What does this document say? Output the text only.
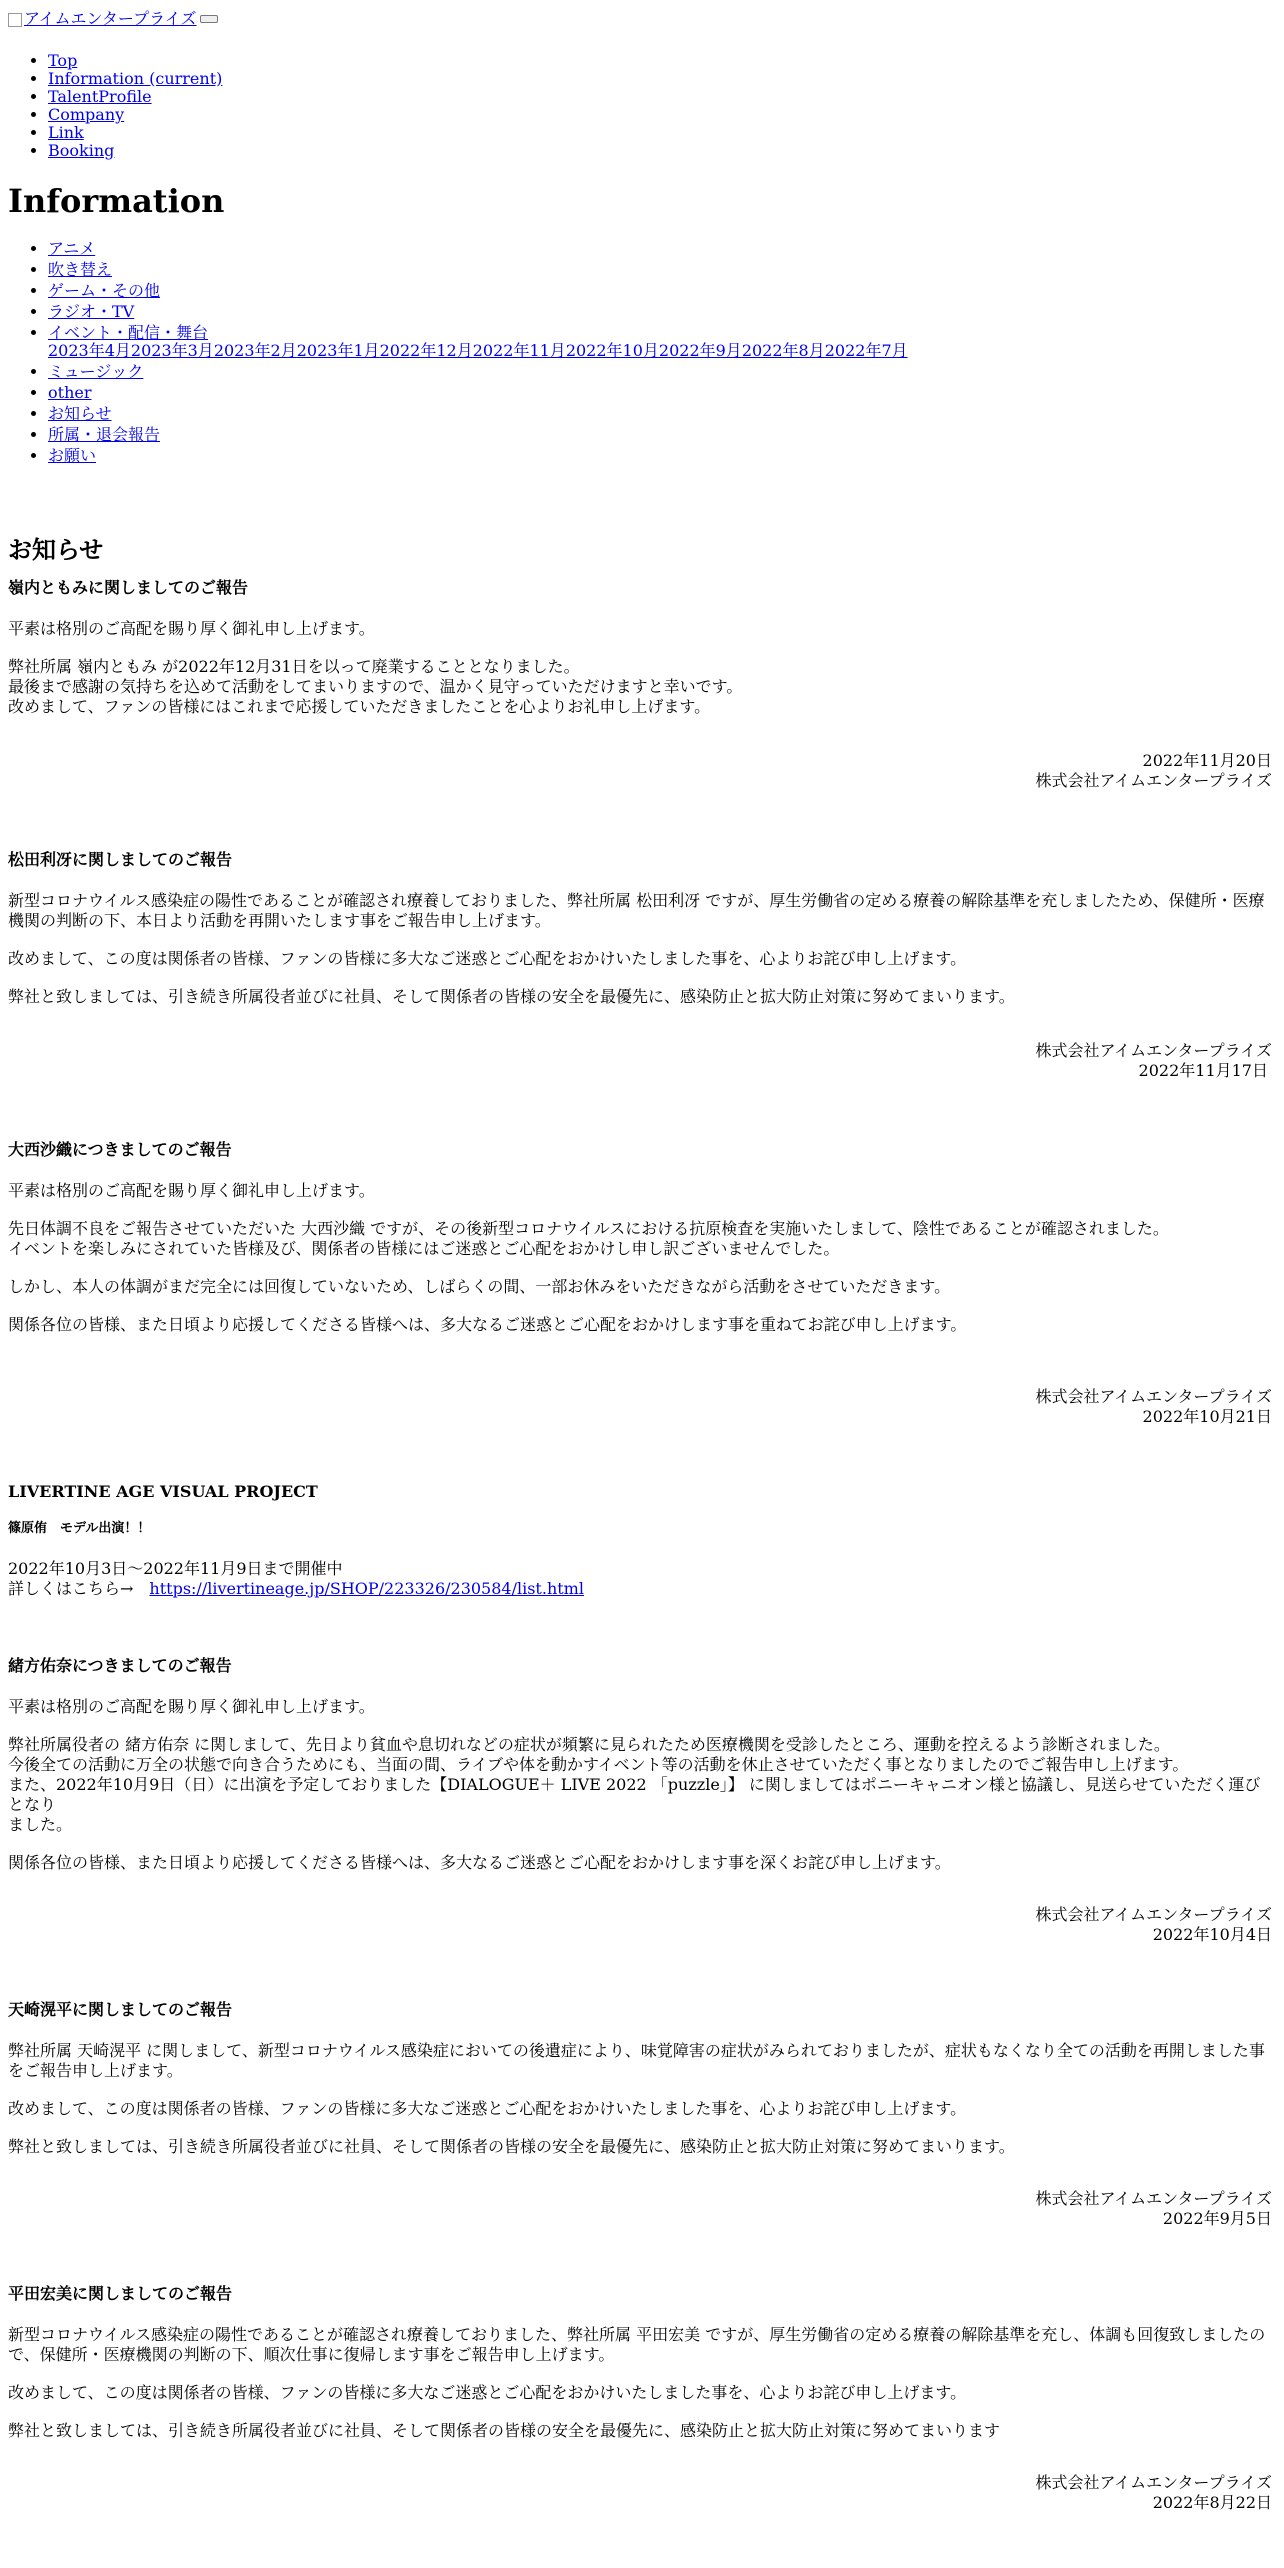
アイムエンタープライズ
• Top
• Information (current)
• TalentProfile
• Company
• Link
• Booking
Information
• アニメ
• 吹き替え
• ゲーム・その他
• ラジオ・TV
• イベント・配信・舞台
2023年4月2023年3月2023年2月2023年1月2022年12月2022年11月2022年10月2022年9月2022年8月2022年7月
• ミュージック
• other
• お知らせ
• 所属・退会報告
• お願い
お知らせ
嶺内ともみに関しましてのご報告

平素は格別のご高配を賜り厚く御礼申し上げます。

弊社所属 嶺内ともみ が2022年12月31日を以って廃業することとなりました。
最後まで感謝の気持ちを込めて活動をしてまいりますので、温かく見守っていただけますと幸いです。
改めまして、ファンの皆様にはこれまで応援していただきましたことを心よりお礼申し上げます。

2022年11月20日
株式会社アイムエンタープライズ
松田利冴に関しましてのご報告

新型コロナウイルス感染症の陽性であることが確認され療養しておりました、弊社所属 松田利冴 ですが、厚生労働省の定める療養の解除基準を充しましたため、保健所・医療
機関の判断の下、本日より活動を再開いたします事をご報告申し上げます。

改めまして、この度は関係者の皆様、ファンの皆様に多大なご迷惑とご心配をおかけいたしました事を、心よりお詫び申し上げます。

弊社と致しましては、引き続き所属役者並びに社員、そして関係者の皆様の安全を最優先に、感染防止と拡大防止対策に努めてまいります。

株式会社アイムエンタープライズ
2022年11月17日
大西沙織につきましてのご報告

平素は格別のご高配を賜り厚く御礼申し上げます。

先日体調不良をご報告させていただいた 大西沙織 ですが、その後新型コロナウイルスにおける抗原検査を実施いたしまして、陰性であることが確認されました。
イベントを楽しみにされていた皆様及び、関係者の皆様にはご迷惑とご心配をおかけし申し訳ございませんでした。

しかし、本人の体調がまだ完全には回復していないため、しばらくの間、一部お休みをいただきながら活動をさせていただきます。

関係各位の皆様、また日頃より応援してくださる皆様へは、多大なるご迷惑とご心配をおかけします事を重ねてお詫び申し上げます。

株式会社アイムエンタープライズ
2022年10月21日
LIVERTINE AGE VISUAL PROJECT
篠原侑　モデル出演！！

2022年10月3日～2022年11月9日まで開催中
詳しくはこちら→　https://livertineage.jp/SHOP/223326/230584/list.html

緒方佑奈につきましてのご報告

平素は格別のご高配を賜り厚く御礼申し上げます。

弊社所属役者の 緒方佑奈 に関しまして、先日より貧血や息切れなどの症状が頻繁に見られたため医療機関を受診したところ、運動を控えるよう診断されました。
今後全ての活動に万全の状態で向き合うためにも、当面の間、ライブや体を動かすイベント等の活動を休止させていただく事となりましたのでご報告申し上げます。
また、2022年10月9日（日）に出演を予定しておりました【DIALOGUE＋ LIVE 2022 「puzzle」】 に関しましてはポニーキャニオン様と協議し、見送らせていただく運びとなり
ました。

関係各位の皆様、また日頃より応援してくださる皆様へは、多大なるご迷惑とご心配をおかけします事を深くお詫び申し上げます。

株式会社アイムエンタープライズ
2022年10月4日
天崎滉平に関しましてのご報告

弊社所属 天崎滉平 に関しまして、新型コロナウイルス感染症においての後遺症により、味覚障害の症状がみられておりましたが、症状もなくなり全ての活動を再開しました事
をご報告申し上げます。

改めまして、この度は関係者の皆様、ファンの皆様に多大なご迷惑とご心配をおかけいたしました事を、心よりお詫び申し上げます。

弊社と致しましては、引き続き所属役者並びに社員、そして関係者の皆様の安全を最優先に、感染防止と拡大防止対策に努めてまいります。

株式会社アイムエンタープライズ
2022年9月5日
平田宏美に関しましてのご報告

新型コロナウイルス感染症の陽性であることが確認され療養しておりました、弊社所属 平田宏美 ですが、厚生労働省の定める療養の解除基準を充し、体調も回復致しましたの
で、保健所・医療機関の判断の下、順次仕事に復帰します事をご報告申し上げます。

改めまして、この度は関係者の皆様、ファンの皆様に多大なご迷惑とご心配をおかけいたしました事を、心よりお詫び申し上げます。

弊社と致しましては、引き続き所属役者並びに社員、そして関係者の皆様の安全を最優先に、感染防止と拡大防止対策に努めてまいります

株式会社アイムエンタープライズ
2022年8月22日
